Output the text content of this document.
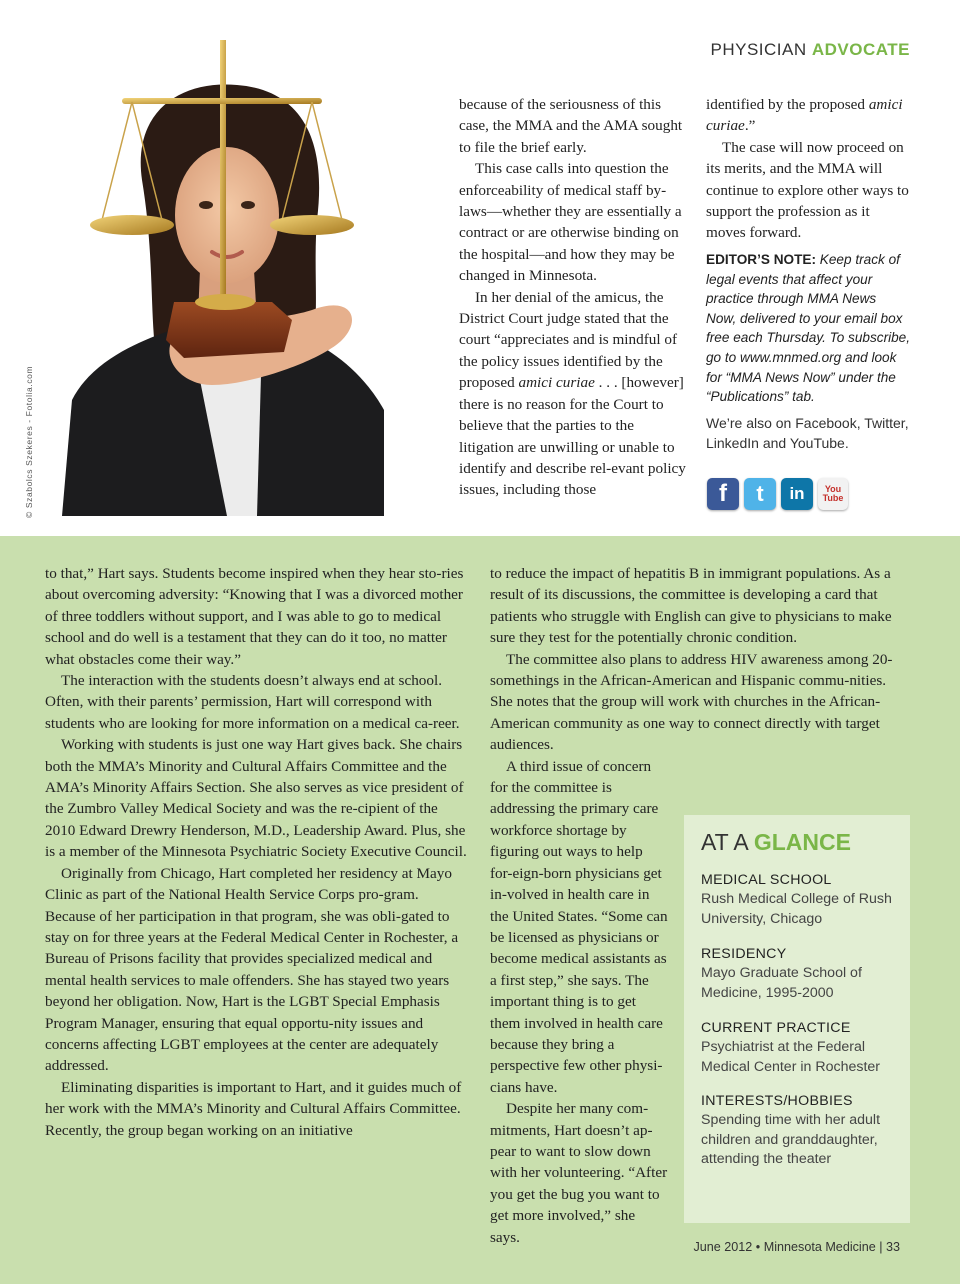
PHYSICIAN ADVOCATE
© Szabolcs Szekeres - Fotolia.com

because of the seriousness of this case, the MMA and the AMA sought to file the brief early.

This case calls into question the enforceability of medical staff by-laws—whether they are essentially a contract or are otherwise binding on the hospital—and how they may be changed in Minnesota.

In her denial of the amicus, the District Court judge stated that the court “appreciates and is mindful of the policy issues identified by the proposed amici curiae . . . [however] there is no reason for the Court to believe that the parties to the litigation are unwilling or unable to identify and describe rel-evant policy issues, including those

identified by the proposed amici curiae.”

The case will now proceed on its merits, and the MMA will continue to explore other ways to support the profession as it moves forward.

EDITOR’S NOTE: Keep track of legal events that affect your practice through MMA News Now, delivered to your email box free each Thursday. To subscribe, go to www.mnmed.org and look for “MMA News Now” under the “Publications” tab.
We’re also on Facebook, Twitter, LinkedIn and YouTube.
f	t	in	You Tube

to that,” Hart says. Students become inspired when they hear sto-ries about overcoming adversity: “Knowing that I was a divorced mother of three toddlers without support, and I was able to go to medical school and do well is a testament that they can do it too, no matter what obstacles come their way.”

The interaction with the students doesn’t always end at school. Often, with their parents’ permission, Hart will correspond with students who are looking for more information on a medical ca-reer.

Working with students is just one way Hart gives back. She chairs both the MMA’s Minority and Cultural Affairs Committee and the AMA’s Minority Affairs Section. She also serves as vice president of the Zumbro Valley Medical Society and was the re-cipient of the 2010 Edward Drewry Henderson, M.D., Leadership Award. Plus, she is a member of the Minnesota Psychiatric Society Executive Council.

Originally from Chicago, Hart completed her residency at Mayo Clinic as part of the National Health Service Corps pro-gram. Because of her participation in that program, she was obli-gated to stay on for three years at the Federal Medical Center in Rochester, a Bureau of Prisons facility that provides specialized medical and mental health services to male offenders. She has stayed two years beyond her obligation. Now, Hart is the LGBT Special Emphasis Program Manager, ensuring that equal opportu-nity issues and concerns affecting LGBT employees at the center are adequately addressed.

Eliminating disparities is important to Hart, and it guides much of her work with the MMA’s Minority and Cultural Affairs Committee. Recently, the group began working on an initiative

to reduce the impact of hepatitis B in immigrant populations. As a result of its discussions, the committee is developing a card that patients who struggle with English can give to physicians to make sure they test for the potentially chronic condition.

The committee also plans to address HIV awareness among 20-somethings in the African-American and Hispanic commu-nities. She notes that the group will work with churches in the African-American community as one way to connect directly with target audiences.

A third issue of concern for the committee is addressing the primary care workforce shortage by figuring out ways to help for-eign-born physicians get in-volved in health care in the United States. “Some can be licensed as physicians or become medical assistants as a first step,” she says. The important thing is to get them involved in health care because they bring a perspective few other physi-cians have.

Despite her many com-mitments, Hart doesn’t ap-pear to want to slow down with her volunteering. “After you get the bug you want to get more involved,” she says.

AT A GLANCE
MEDICAL SCHOOL
Rush Medical College of Rush University, Chicago
RESIDENCY
Mayo Graduate School of Medicine, 1995-2000
CURRENT PRACTICE
Psychiatrist at the Federal Medical Center in Rochester
INTERESTS/HOBBIES
Spending time with her adult children and granddaughter, attending the theater
June 2012 • Minnesota Medicine | 33
